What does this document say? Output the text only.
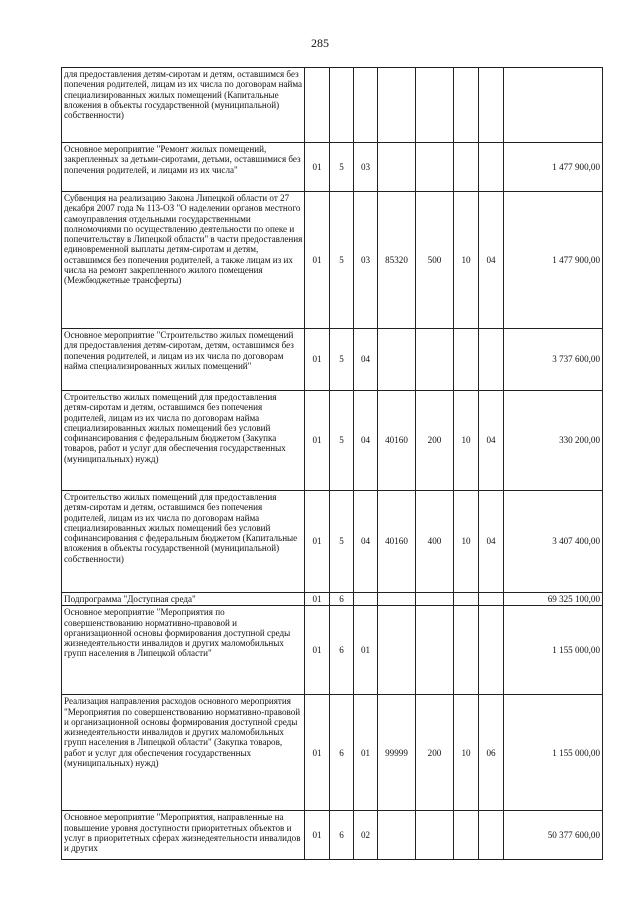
285
для предоставления детям-сиротам и детям, оставшимся без попечения родителей, лицам из их числа по договорам найма специализированных жилых помещений (Капитальные вложения в объекты государственной (муниципальной) собственности)								
Основное мероприятие "Ремонт жилых помещений, закрепленных за детьми-сиротами, детьми, оставшимися без попечения родителей, и лицами из их числа"	01	5	03					1 477 900,00
Субвенция на реализацию Закона Липецкой области от 27 декабря 2007 года № 113-ОЗ "О наделении органов местного самоуправления отдельными государственными полномочиями по осуществлению деятельности по опеке и попечительству в Липецкой области" в части предоставления единовременной выплаты детям-сиротам и детям, оставшимся без попечения родителей, а также лицам из их числа на ремонт закрепленного жилого помещения (Межбюджетные трансферты)	01	5	03	85320	500	10	04	1 477 900,00
Основное мероприятие "Строительство жилых помещений для предоставления детям-сиротам, детям, оставшимся без попечения родителей, и лицам из их числа по договорам найма специализированных жилых помещений"	01	5	04					3 737 600,00
Строительство жилых помещений для предоставления детям-сиротам и детям, оставшимся без попечения родителей, лицам из их числа по договорам найма специализированных жилых помещений без условий софинансирования с федеральным бюджетом (Закупка товаров, работ и услуг для обеспечения государственных (муниципальных) нужд)	01	5	04	40160	200	10	04	330 200,00
Строительство жилых помещений для предоставления детям-сиротам и детям, оставшимся без попечения родителей, лицам из их числа по договорам найма специализированных жилых помещений без условий софинансирования с федеральным бюджетом (Капитальные вложения в объекты государственной (муниципальной) собственности)	01	5	04	40160	400	10	04	3 407 400,00
Подпрограмма "Доступная среда"	01	6						69 325 100,00
Основное мероприятие "Мероприятия по совершенствованию нормативно-правовой и организационной основы формирования доступной среды жизнедеятельности инвалидов и других маломобильных групп населения в Липецкой области"	01	6	01					1 155 000,00
Реализация направления расходов основного мероприятия "Мероприятия по совершенствованию нормативно-правовой и организационной основы формирования доступной среды жизнедеятельности инвалидов и других маломобильных групп населения в Липецкой области" (Закупка товаров, работ и услуг для обеспечения государственных (муниципальных) нужд)	01	6	01	99999	200	10	06	1 155 000,00
Основное мероприятие "Мероприятия, направленные на повышение уровня доступности приоритетных объектов и услуг в приоритетных сферах жизнедеятельности инвалидов и других	01	6	02					50 377 600,00
